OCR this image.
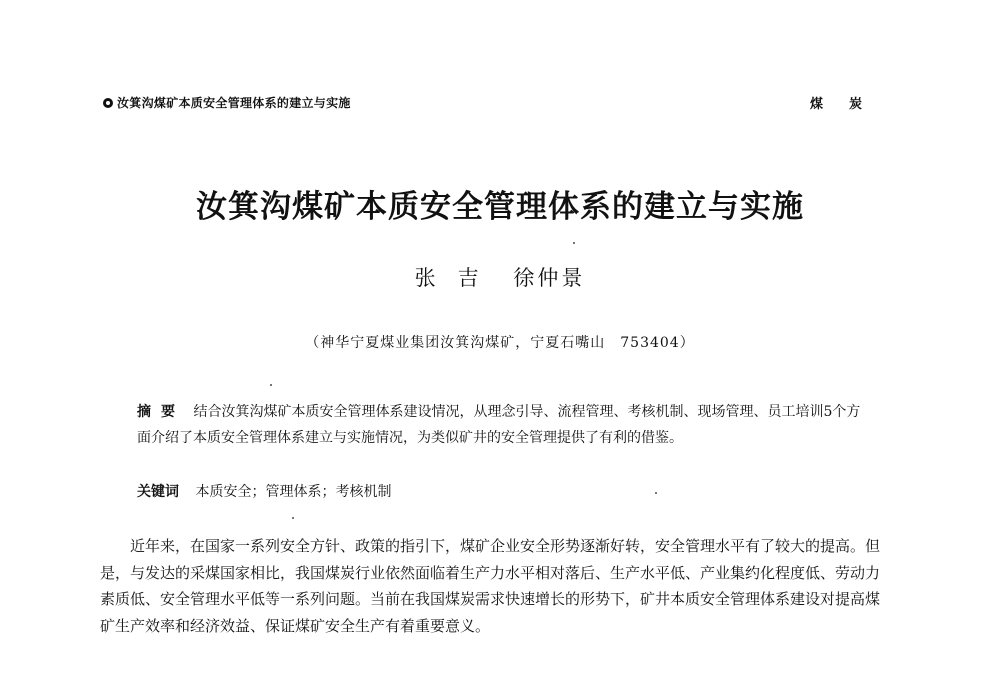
汝箕沟煤矿本质安全管理体系的建立与实施	煤炭
汝箕沟煤矿本质安全管理体系的建立与实施
张吉 徐仲景
（神华宁夏煤业集团汝箕沟煤矿，宁夏石嘴山　753404）
摘要 结合汝箕沟煤矿本质安全管理体系建设情况，从理念引导、流程管理、考核机制、现场管理、员工培训5个方面介绍了本质安全管理体系建立与实施情况，为类似矿井的安全管理提供了有利的借鉴。
关键词 本质安全；管理体系；考核机制
近年来，在国家一系列安全方针、政策的指引下，煤矿企业安全形势逐渐好转，安全管理水平有了较大的提高。但是，与发达的采煤国家相比，我国煤炭行业依然面临着生产力水平相对落后、生产水平低、产业集约化程度低、劳动力素质低、安全管理水平低等一系列问题。当前在我国煤炭需求快速增长的形势下，矿井本质安全管理体系建设对提高煤矿生产效率和经济效益、保证煤矿安全生产有着重要意义。
